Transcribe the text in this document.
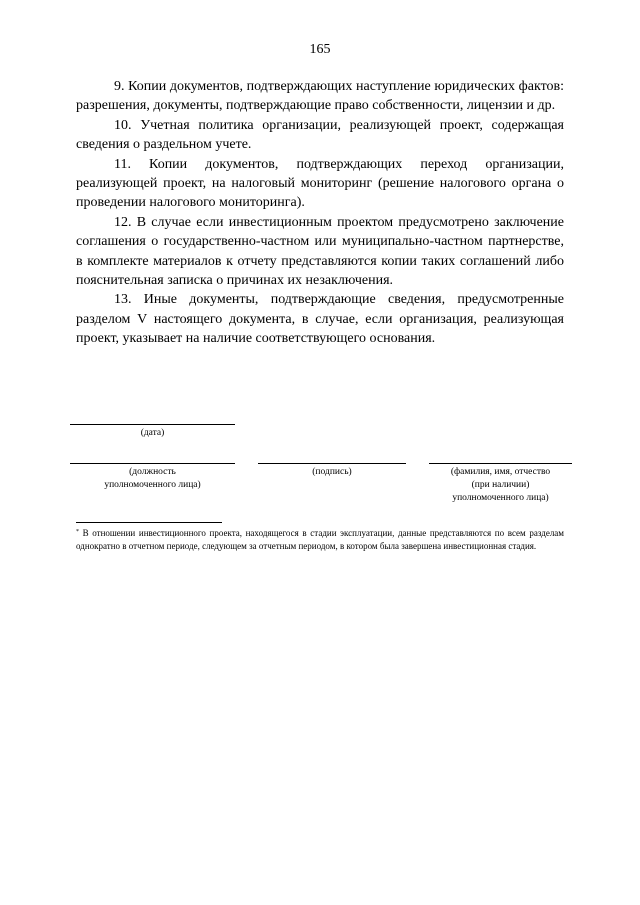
165

9. Копии документов, подтверждающих наступление юридических фактов: разрешения, документы, подтверждающие право собственности, лицензии и др.

10. Учетная политика организации, реализующей проект, содержащая сведения о раздельном учете.

11. Копии документов, подтверждающих переход организации, реализующей проект, на налоговый мониторинг (решение налогового органа о проведении налогового мониторинга).

12. В случае если инвестиционным проектом предусмотрено заключение соглашения о государственно-частном или муниципально-частном партнерстве, в комплекте материалов к отчету представляются копии таких соглашений либо пояснительная записка о причинах их незаключения.

13. Иные документы, подтверждающие сведения, предусмотренные разделом V настоящего документа, в случае, если организация, реализующая проект, указывает на наличие соответствующего основания.

(дата)
(должность
уполномоченного лица)
(подпись)	(фамилия, имя, отчество
(при наличии)
уполномоченного лица)
* В отношении инвестиционного проекта, находящегося в стадии эксплуатации, данные представляются по всем разделам однократно в отчетном периоде, следующем за отчетным периодом, в котором была завершена инвестиционная стадия.
